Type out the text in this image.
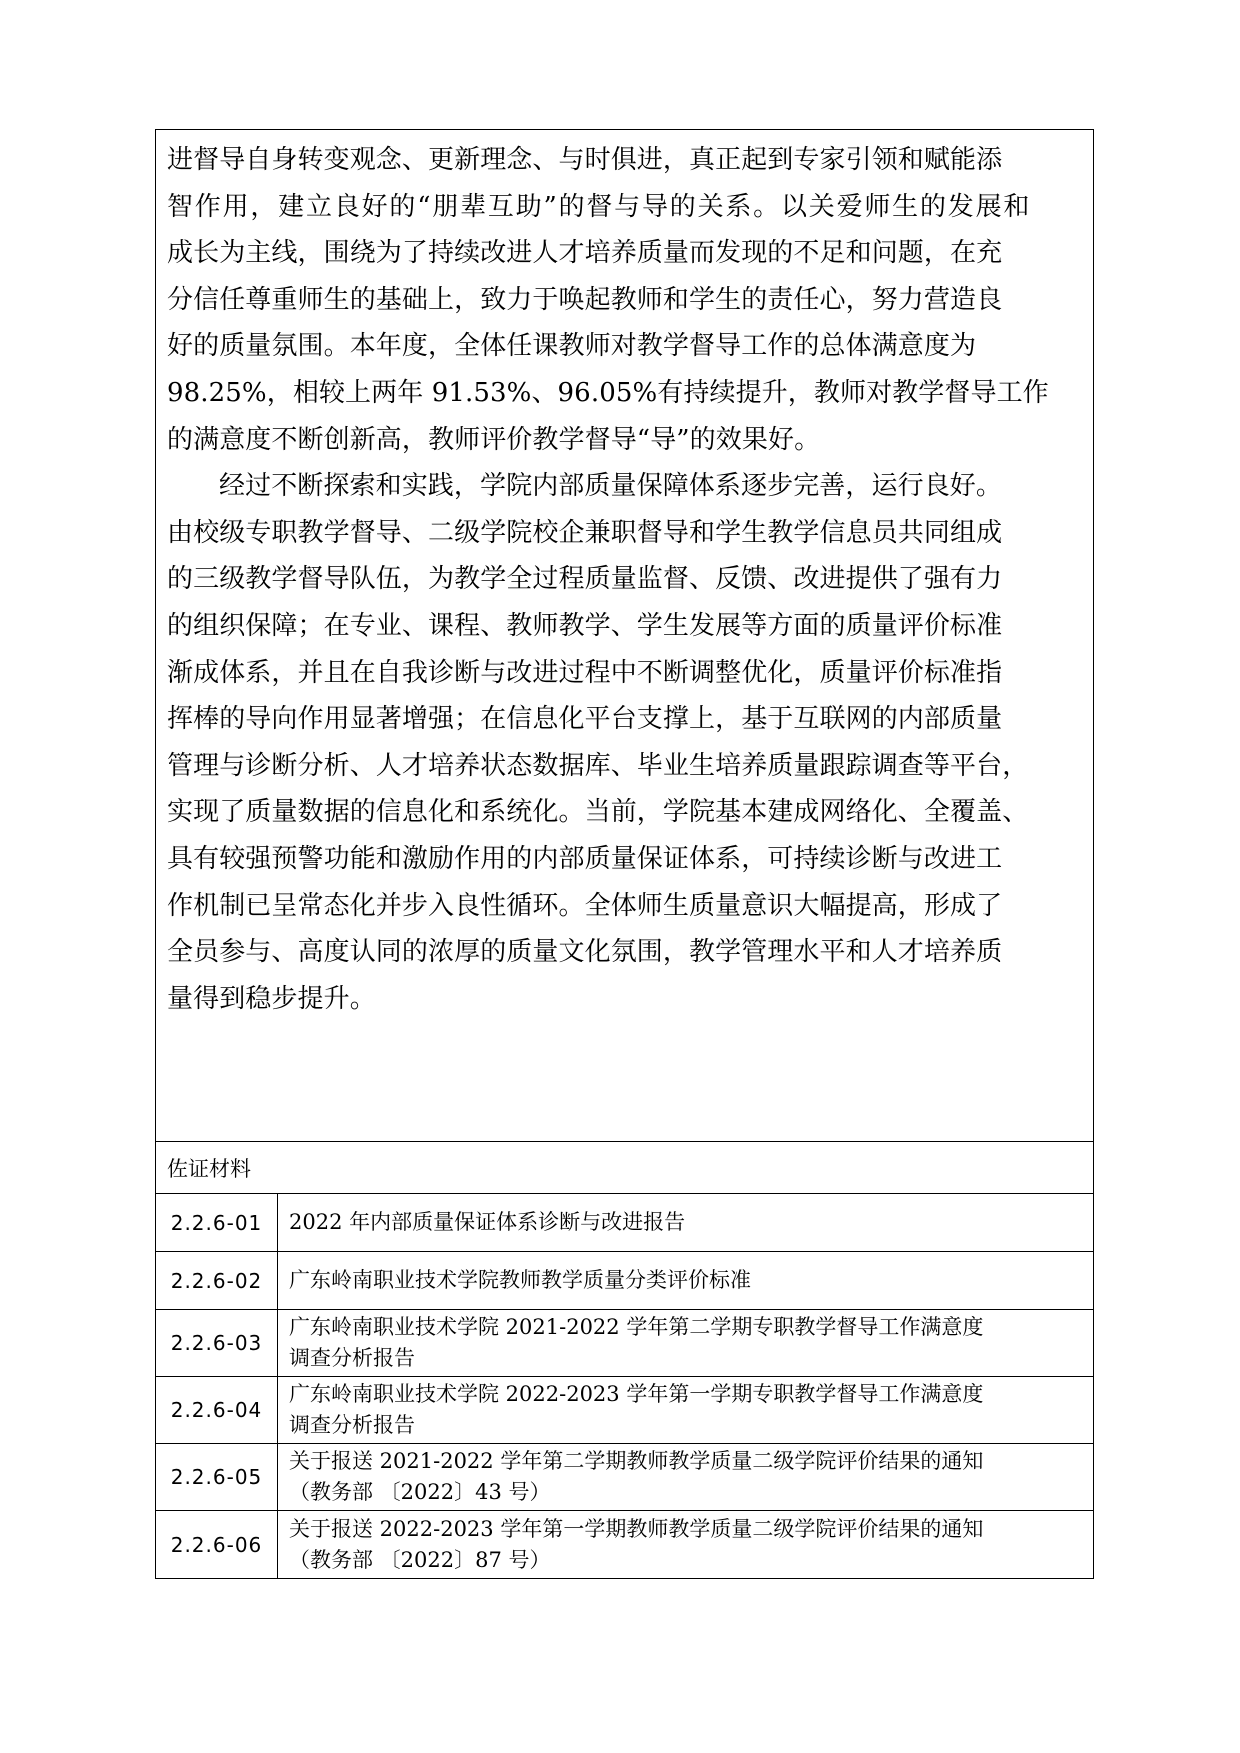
进督导自身转变观念、更新理念、与时俱进，真正起到专家引领和赋能添
智作用，建立良好的“朋辈互助”的督与导的关系。以关爱师生的发展和
成长为主线，围绕为了持续改进人才培养质量而发现的不足和问题，在充
分信任尊重师生的基础上，致力于唤起教师和学生的责任心，努力营造良
好的质量氛围。本年度，全体任课教师对教学督导工作的总体满意度为
98.25%，相较上两年 91.53%、96.05%有持续提升，教师对教学督导工作
的满意度不断创新高，教师评价教学督导“导”的效果好。
经过不断探索和实践，学院内部质量保障体系逐步完善，运行良好。
由校级专职教学督导、二级学院校企兼职督导和学生教学信息员共同组成
的三级教学督导队伍，为教学全过程质量监督、反馈、改进提供了强有力
的组织保障；在专业、课程、教师教学、学生发展等方面的质量评价标准
渐成体系，并且在自我诊断与改进过程中不断调整优化，质量评价标准指
挥棒的导向作用显著增强；在信息化平台支撑上，基于互联网的内部质量
管理与诊断分析、人才培养状态数据库、毕业生培养质量跟踪调查等平台，
实现了质量数据的信息化和系统化。当前，学院基本建成网络化、全覆盖、
具有较强预警功能和激励作用的内部质量保证体系，可持续诊断与改进工
作机制已呈常态化并步入良性循环。全体师生质量意识大幅提高，形成了
全员参与、高度认同的浓厚的质量文化氛围，教学管理水平和人才培养质
量得到稳步提升。
佐证材料
2.2.6-01	2022 年内部质量保证体系诊断与改进报告
2.2.6-02	广东岭南职业技术学院教师教学质量分类评价标准
2.2.6-03
广东岭南职业技术学院 2021-2022 学年第二学期专职教学督导工作满意度
调查分析报告
2.2.6-04
广东岭南职业技术学院 2022-2023 学年第一学期专职教学督导工作满意度
调查分析报告
2.2.6-05
关于报送 2021-2022 学年第二学期教师教学质量二级学院评价结果的通知
（教务部 〔2022〕43 号）
2.2.6-06
关于报送 2022-2023 学年第一学期教师教学质量二级学院评价结果的通知
（教务部 〔2022〕87 号）
